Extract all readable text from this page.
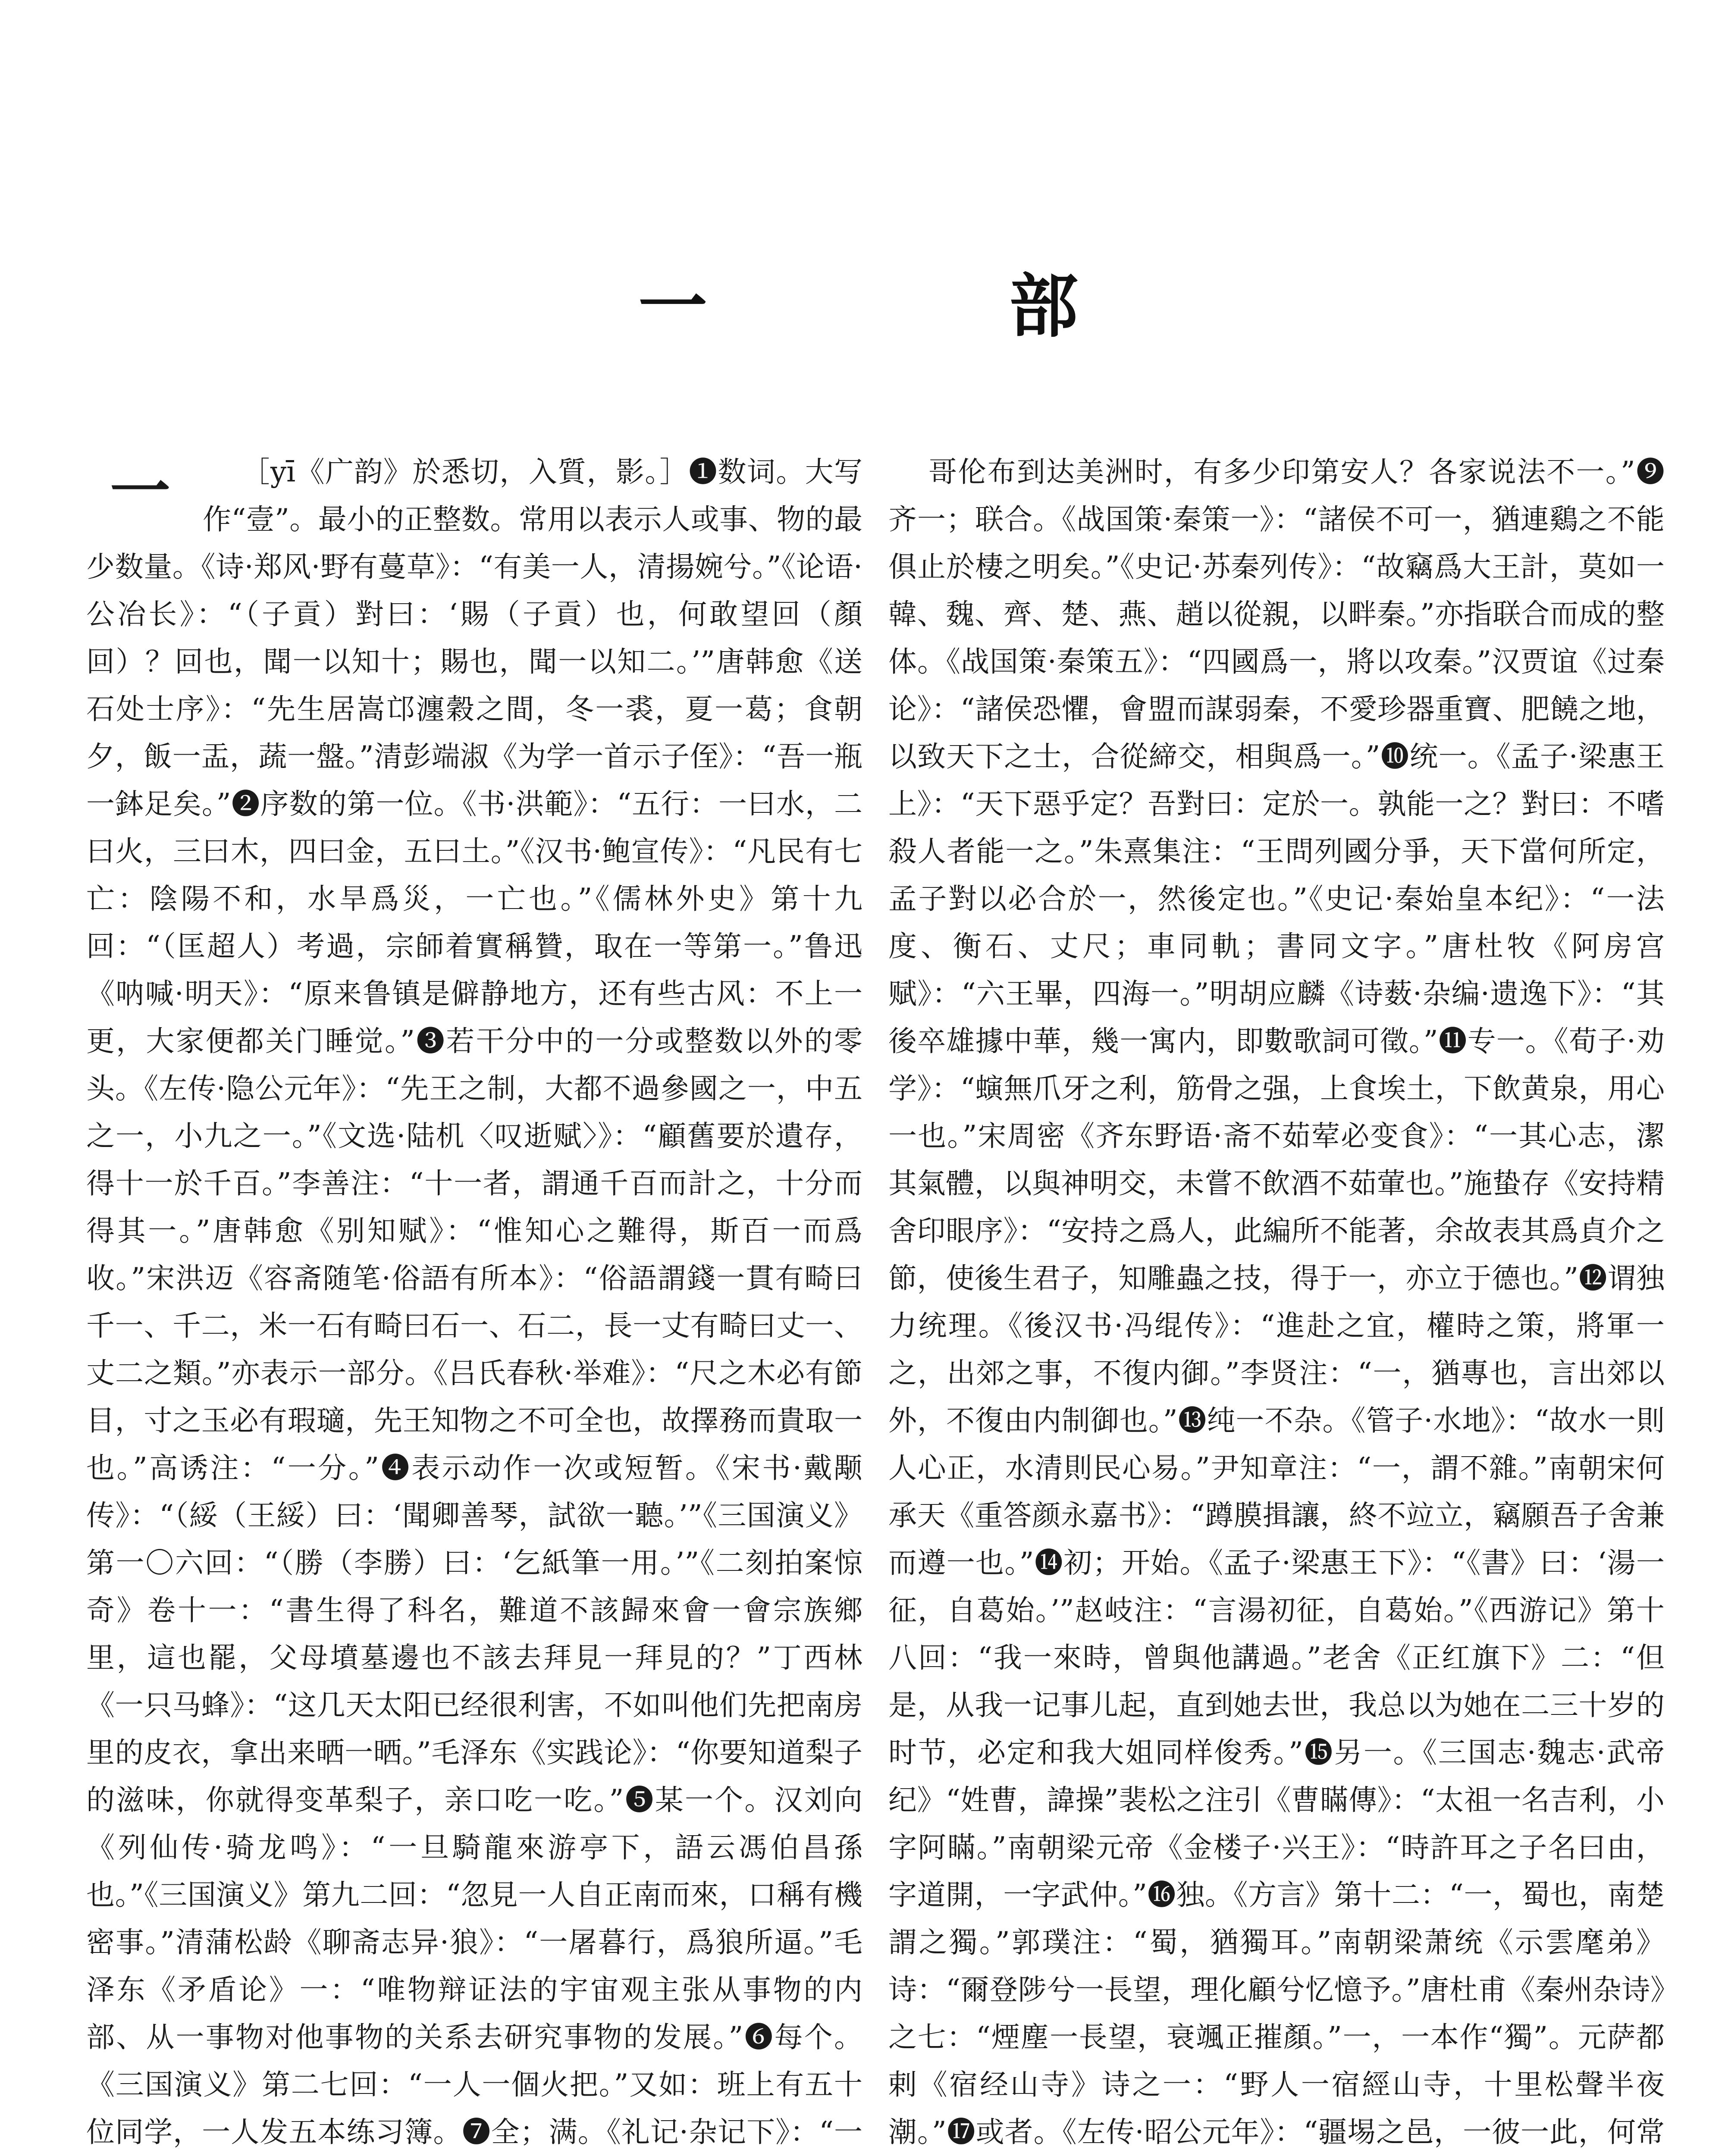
一	部

一	［yī《广韵》於悉切，入質，影。］❶数词。大写作“壹”。最小的正整数。常用以表示人或事、物的最少数量。《诗·郑风·野有蔓草》：“有美一人，清揚婉兮。”《论语·公冶长》：“（子貢）對曰：‘賜（子貢）也，何敢望回（顏回）？回也，聞一以知十；賜也，聞一以知二。’”唐韩愈《送石处士序》：“先生居嵩邙瀍穀之間，冬一裘，夏一葛；食朝夕，飯一盂，蔬一盤。”清彭端淑《为学一首示子侄》：“吾一瓶一鉢足矣。”❷序数的第一位。《书·洪範》：“五行：一曰水，二曰火，三曰木，四曰金，五曰土。”《汉书·鲍宣传》：“凡民有七亡：陰陽不和，水旱爲災，一亡也。”《儒林外史》第十九回：“（匡超人）考過，宗師着實稱贊，取在一等第一。”鲁迅《呐喊·明天》：“原来鲁镇是僻静地方，还有些古风：不上一更，大家便都关门睡觉。”❸若干分中的一分或整数以外的零头。《左传·隐公元年》：“先王之制，大都不過參國之一，中五之一，小九之一。”《文选·陆机〈叹逝赋〉》：“顧舊要於遺存，得十一於千百。”李善注：“十一者，謂通千百而計之，十分而得其一。”唐韩愈《别知赋》：“惟知心之難得，斯百一而爲收。”宋洪迈《容斋随笔·俗語有所本》：“俗語謂錢一貫有畸曰千一、千二，米一石有畸曰石一、石二，長一丈有畸曰丈一、丈二之類。”亦表示一部分。《吕氏春秋·举难》：“尺之木必有節目，寸之玉必有瑕瓋，先王知物之不可全也，故擇務而貴取一也。”高诱注：“一分。”❹表示动作一次或短暂。《宋书·戴颙传》：“（綏（王綏）曰：‘聞卿善琴，試欲一聽。’”《三国演义》第一〇六回：“（勝（李勝）曰：‘乞紙筆一用。’”《二刻拍案惊奇》卷十一：“書生得了科名，難道不該歸來會一會宗族鄉里，這也罷，父母墳墓邊也不該去拜見一拜見的？”丁西林《一只马蜂》：“这几天太阳已经很利害，不如叫他们先把南房里的皮衣，拿出来晒一晒。”毛泽东《实践论》：“你要知道梨子的滋味，你就得变革梨子，亲口吃一吃。”❺某一个。汉刘向《列仙传·骑龙鸣》：“一旦騎龍來游亭下，語云馮伯昌孫也。”《三国演义》第九二回：“忽見一人自正南而來，口稱有機密事。”清蒲松龄《聊斋志异·狼》：“一屠暮行，爲狼所逼。”毛泽东《矛盾论》一：“唯物辩证法的宇宙观主张从事物的内部、从一事物对他事物的关系去研究事物的发展。”❻每个。《三国演义》第二七回：“一人一個火把。”又如：班上有五十位同学，一人发五本练习簿。❼全；满。《礼记·杂记下》：“一

哥伦布到达美洲时，有多少印第安人？各家说法不一。”❾齐一；联合。《战国策·秦策一》：“諸侯不可一，猶連鷄之不能俱止於棲之明矣。”《史记·苏秦列传》：“故竊爲大王計，莫如一韓、魏、齊、楚、燕、趙以從親，以畔秦。”亦指联合而成的整体。《战国策·秦策五》：“四國爲一，將以攻秦。”汉贾谊《过秦论》：“諸侯恐懼，會盟而謀弱秦，不愛珍器重寶、肥饒之地，以致天下之士，合從締交，相與爲一。”❿统一。《孟子·梁惠王上》：“天下惡乎定？吾對曰：定於一。孰能一之？對曰：不嗜殺人者能一之。”朱熹集注：“王問列國分爭，天下當何所定，孟子對以必合於一，然後定也。”《史记·秦始皇本纪》：“一法度、衡石、丈尺；車同軌；書同文字。”唐杜牧《阿房宫赋》：“六王畢，四海一。”明胡应麟《诗薮·杂编·遗逸下》：“其後卒雄據中華，幾一寓内，即數歌詞可徵。”⓫专一。《荀子·劝学》：“螾無爪牙之利，筋骨之强，上食埃土，下飲黄泉，用心一也。”宋周密《齐东野语·斋不茹荤必变食》：“一其心志，潔其氣體，以與神明交，未嘗不飲酒不茹葷也。”施蛰存《安持精舍印眼序》：“安持之爲人，此編所不能著，余故表其爲貞介之節，使後生君子，知雕蟲之技，得于一，亦立于德也。”⓬谓独力统理。《後汉书·冯绲传》：“進赴之宜，權時之策，將軍一之，出郊之事，不復内御。”李贤注：“一，猶專也，言出郊以外，不復由内制御也。”⓭纯一不杂。《管子·水地》：“故水一則人心正，水清則民心易。”尹知章注：“一，謂不雜。”南朝宋何承天《重答颜永嘉书》：“蹲膜揖讓，終不竝立，竊願吾子舍兼而遵一也。”⓮初；开始。《孟子·梁惠王下》：“《書》曰：‘湯一征，自葛始。’”赵岐注：“言湯初征，自葛始。”《西游记》第十八回：“我一來時，曾與他講過。”老舍《正红旗下》二：“但是，从我一记事儿起，直到她去世，我总以为她在二三十岁的时节，必定和我大姐同样俊秀。”⓯另一。《三国志·魏志·武帝纪》“姓曹，諱操”裴松之注引《曹瞞傳》：“太祖一名吉利，小字阿瞞。”南朝梁元帝《金楼子·兴王》：“時許耳之子名曰由，字道開，一字武仲。”⓰独。《方言》第十二：“一，蜀也，南楚謂之獨。”郭璞注：“蜀，猶獨耳。”南朝梁萧统《示雲麾弟》诗：“爾登陟兮一長望，理化顧兮忆憶予。”唐杜甫《秦州杂诗》之七：“煙塵一長望，衰颯正摧顏。”一，一本作“獨”。元萨都剌《宿经山寺》诗之一：“野人一宿經山寺，十里松聲半夜潮。”⓱或者。《左传·昭公元年》：“疆埸之邑，一彼一此，何常
